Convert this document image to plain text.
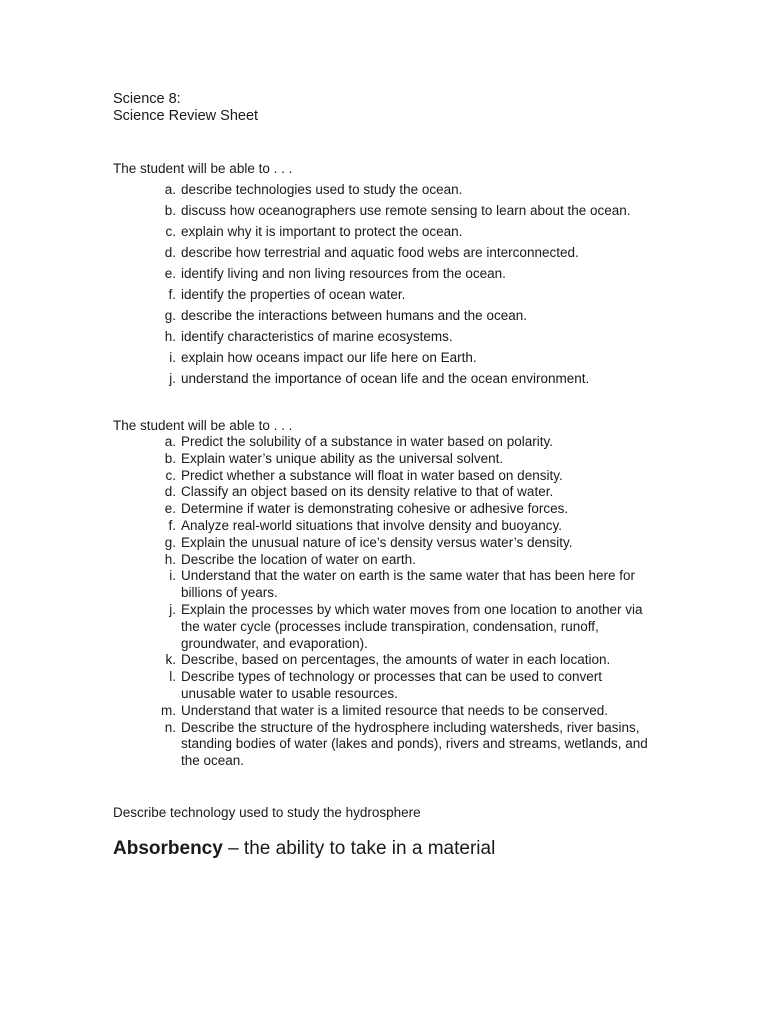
Science 8:
Science Review Sheet
The student will be able to . . .
a. describe technologies used to study the ocean.
b. discuss how oceanographers use remote sensing to learn about the ocean.
c. explain why it is important to protect the ocean.
d. describe how terrestrial and aquatic food webs are interconnected.
e. identify living and non living resources from the ocean.
f. identify the properties of ocean water.
g. describe the interactions between humans and the ocean.
h. identify characteristics of marine ecosystems.
i. explain how oceans impact our life here on Earth.
j. understand the importance of ocean life and the ocean environment.
The student will be able to . . .
a. Predict the solubility of a substance in water based on polarity.
b. Explain water’s unique ability as the universal solvent.
c. Predict whether a substance will float in water based on density.
d. Classify an object based on its density relative to that of water.
e. Determine if water is demonstrating cohesive or adhesive forces.
f. Analyze real-world situations that involve density and buoyancy.
g. Explain the unusual nature of ice’s density versus water’s density.
h. Describe the location of water on earth.
i. Understand that the water on earth is the same water that has been here for billions of years.
j. Explain the processes by which water moves from one location to another via the water cycle (processes include transpiration, condensation, runoff, groundwater, and evaporation).
k. Describe, based on percentages, the amounts of water in each location.
l. Describe types of technology or processes that can be used to convert unusable water to usable resources.
m. Understand that water is a limited resource that needs to be conserved.
n. Describe the structure of the hydrosphere including watersheds, river basins, standing bodies of water (lakes and ponds), rivers and streams, wetlands, and the ocean.
Describe technology used to study the hydrosphere
Absorbency – the ability to take in a material
